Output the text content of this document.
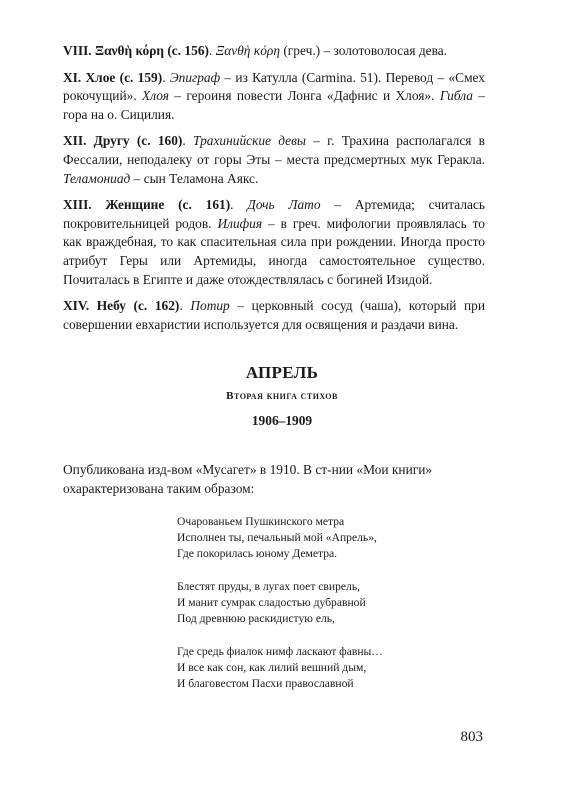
VIII. Ξανθὴ κόρη (с. 156). Ξανθὴ κόρη (греч.) – золотоволосая дева.

XI. Хлое (с. 159). Эпиграф – из Катулла (Carmina. 51). Перевод – «Смех рокочущий». Хлоя – героиня повести Лонга «Дафнис и Хлоя». Гибла – гора на о. Сицилия.

XII. Другу (с. 160). Трахинийские девы – г. Трахина располагался в Фессалии, неподалеку от горы Эты – места предсмертных мук Геракла. Теламониад – сын Теламона Аякс.

XIII. Женщине (с. 161). Дочь Лато – Артемида; считалась покровительницей родов. Илифия – в греч. мифологии проявлялась то как враждебная, то как спасительная сила при рождении. Иногда просто атрибут Геры или Артемиды, иногда самостоятельное существо. Почиталась в Египте и даже отождествлялась с богиней Изидой.

XIV. Небу (с. 162). Потир – церковный сосуд (чаша), который при совершении евхаристии используется для освящения и раздачи вина.

АПРЕЛЬ

Вторая книга стихов

1906–1909

Опубликована изд-вом «Мусагет» в 1910. В ст-нии «Мои книги» охарактеризована таким образом:

Очарованьем Пушкинского метра
Исполнен ты, печальный мой «Апрель»,
Где покорилась юному Деметра.
Блестят пруды, в лугах поет свирель,
И манит сумрак сладостью дубравной
Под древнюю раскидистую ель,
Где средь фиалок нимф ласкают фавны…
И все как сон, как лилий вешний дым,
И благовестом Пасхи православной

803
